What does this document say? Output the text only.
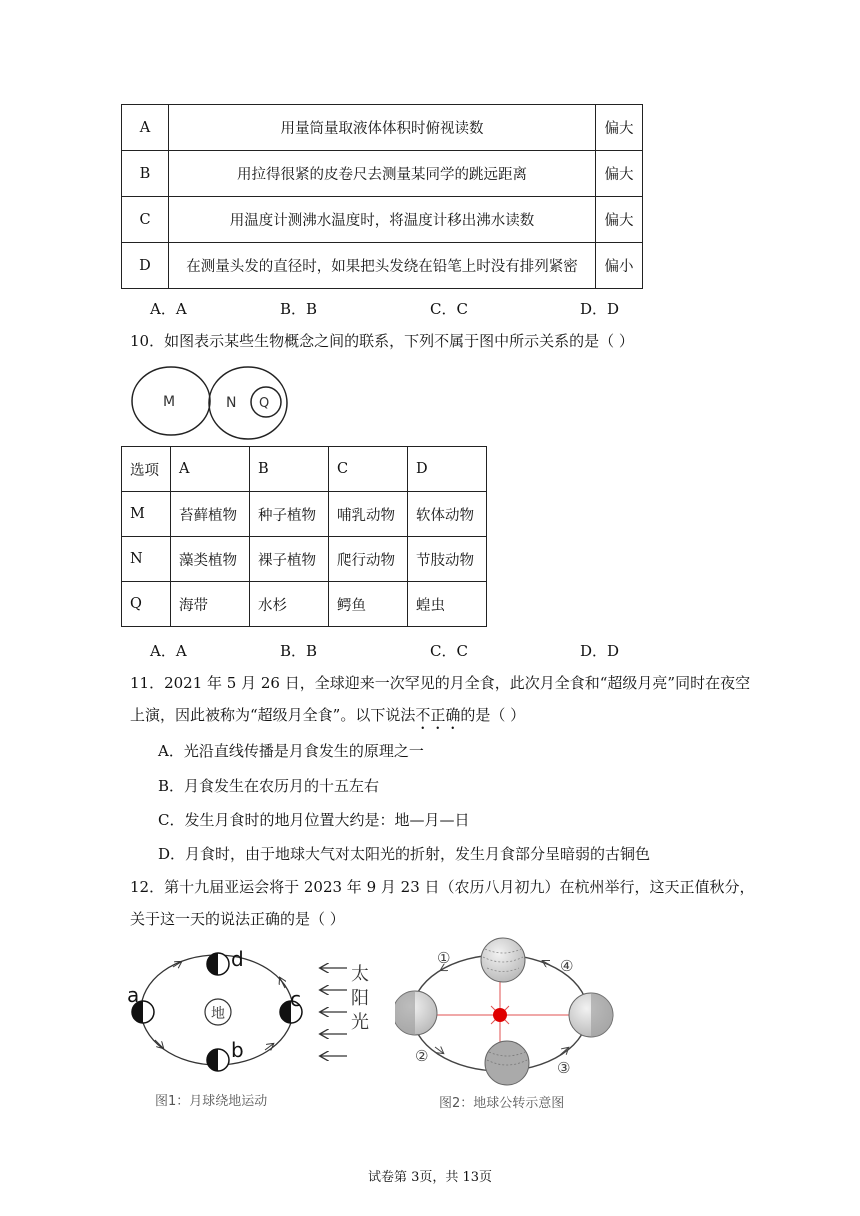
A	用量筒量取液体体积时俯视读数	偏大
B	用拉得很紧的皮卷尺去测量某同学的跳远距离	偏大
C	用温度计测沸水温度时，将温度计移出沸水读数	偏大
D	在测量头发的直径时，如果把头发绕在铅笔上时没有排列紧密	偏小
A．A	B．B	C．C	D．D
10．如图表示某些生物概念之间的联系，下列不属于图中所示关系的是（ ）
M	N Q
选项	A	B	C	D
M	苔藓植物	种子植物	哺乳动物	软体动物
N	藻类植物	裸子植物	爬行动物	节肢动物
Q	海带	水杉	鳄鱼	蝗虫
A．A	B．B	C．C	D．D
11．2021 年 5 月 26 日，全球迎来一次罕见的月全食，此次月全食和“超级月亮”同时在夜空
上演，因此被称为“超级月全食”。以下说法不正确的是（ ）
A．光沿直线传播是月食发生的原理之一
B．月食发生在农历月的十五左右
C．发生月食时的地月位置大约是：地—月—日
D．月食时，由于地球大气对太阳光的折射，发生月食部分呈暗弱的古铜色
12．第十九届亚运会将于 2023 年 9 月 23 日（农历八月初九）在杭州举行，这天正值秋分，
关于这一天的说法正确的是（ ）
地
d
a	c
b
太
阳
光
图1：月球绕地运动
①
②
③
④
图2：地球公转示意图
试卷第 3页，共 13页
